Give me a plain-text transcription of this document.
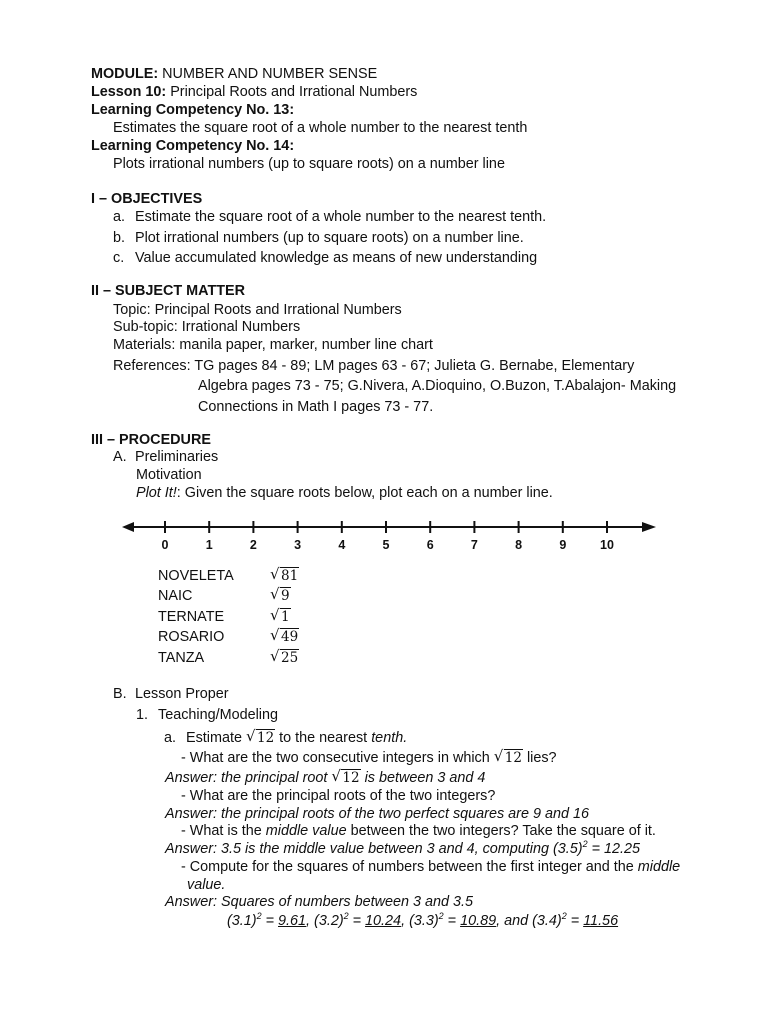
MODULE: NUMBER AND NUMBER SENSE
Lesson 10: Principal Roots and Irrational Numbers
Learning Competency No. 13:
Estimates the square root of a whole number to the nearest tenth
Learning Competency No. 14:
Plots irrational numbers (up to square roots) on a number line
I – OBJECTIVES
a. Estimate the square root of a whole number to the nearest tenth.
b. Plot irrational numbers (up to square roots) on a number line.
c. Value accumulated knowledge as means of new understanding
II – SUBJECT MATTER
Topic: Principal Roots and Irrational Numbers
Sub-topic: Irrational Numbers
Materials: manila paper, marker, number line chart
References: TG pages 84 - 89; LM pages 63 - 67; Julieta G. Bernabe, Elementary
Algebra pages 73 - 75; G.Nivera, A.Dioquino, O.Buzon, T.Abalajon- Making
Connections in Math I pages 73 - 77.
III – PROCEDURE
A. Preliminaries
Motivation
Plot It!: Given the square roots below, plot each on a number line.
0	1	2	3	4	5	6	7	8	9	10
NOVELETA √ 81
NAIC	√ 9
TERNATE	√ 1
ROSARIO	√ 49
TANZA	√ 25
B. Lesson Proper
1. Teaching/Modeling
a. Estimate √ 12 to the nearest tenth.
- What are the two consecutive integers in which √ 12 lies?
Answer: the principal root √ 12 is between 3 and 4
- What are the principal roots of the two integers?
Answer: the principal roots of the two perfect squares are 9 and 16
- What is the middle value between the two integers? Take the square of it.
Answer: 3.5 is the middle value between 3 and 4, computing $(3.5)^2 = 12.25$
- Compute for the squares of numbers between the first integer and the middle
value.
Answer: Squares of numbers between 3 and 3.5
$(3.1)^2 = 9.61$, $(3.2)^2 = 10.24$, $(3.3)^2 = 10.89$, and $(3.4)^2 = 11.56$
